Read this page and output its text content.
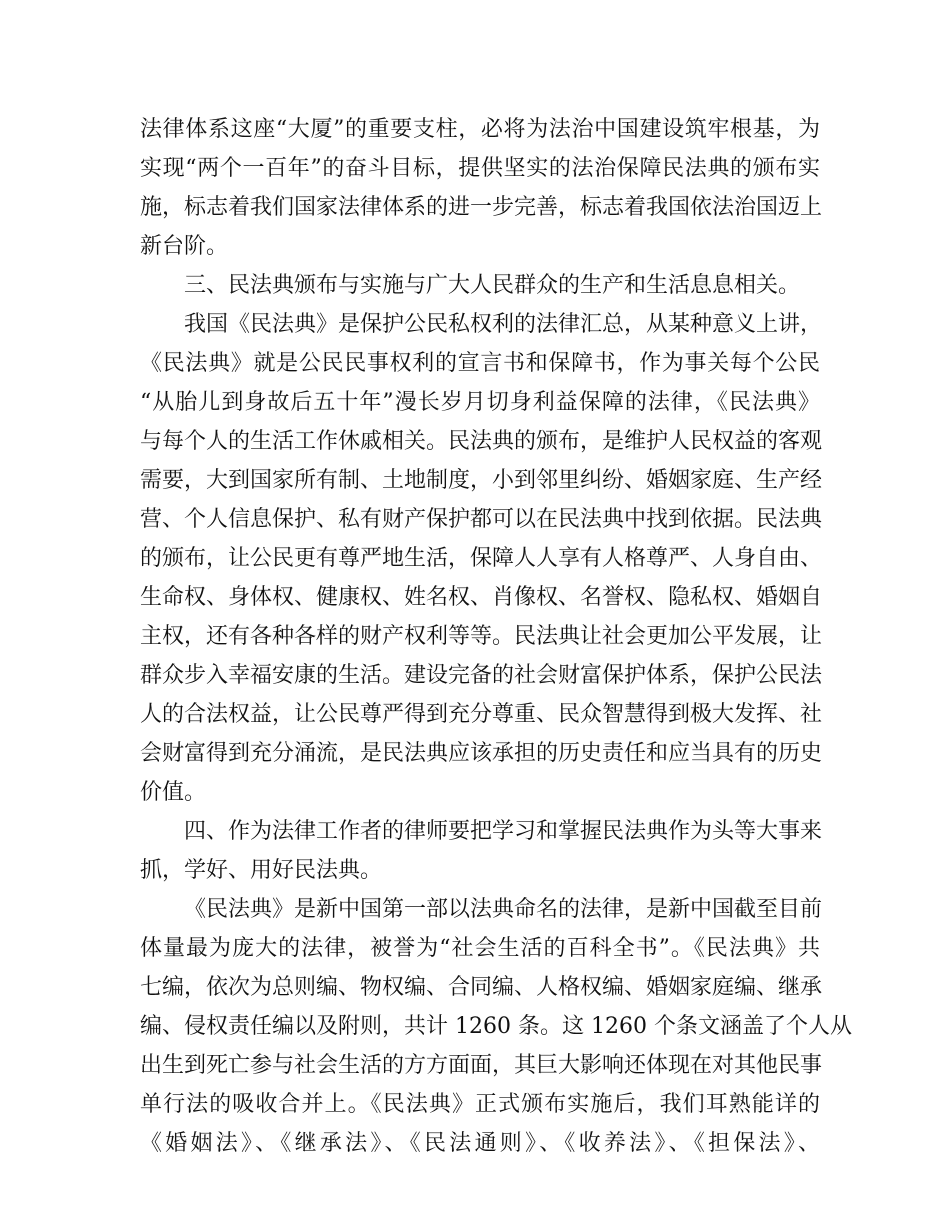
法律体系这座“大厦”的重要支柱，必将为法治中国建设筑牢根基，为
实现“两个一百年”的奋斗目标，提供坚实的法治保障民法典的颁布实
施，标志着我们国家法律体系的进一步完善，标志着我国依法治国迈上
新台阶。
三、民法典颁布与实施与广大人民群众的生产和生活息息相关。
我国《民法典》是保护公民私权利的法律汇总，从某种意义上讲，
《民法典》就是公民民事权利的宣言书和保障书，作为事关每个公民
“从胎儿到身故后五十年”漫长岁月切身利益保障的法律，《民法典》
与每个人的生活工作休戚相关。民法典的颁布，是维护人民权益的客观
需要，大到国家所有制、土地制度，小到邻里纠纷、婚姻家庭、生产经
营、个人信息保护、私有财产保护都可以在民法典中找到依据。民法典
的颁布，让公民更有尊严地生活，保障人人享有人格尊严、人身自由、
生命权、身体权、健康权、姓名权、肖像权、名誉权、隐私权、婚姻自
主权，还有各种各样的财产权利等等。民法典让社会更加公平发展，让
群众步入幸福安康的生活。建设完备的社会财富保护体系，保护公民法
人的合法权益，让公民尊严得到充分尊重、民众智慧得到极大发挥、社
会财富得到充分涌流，是民法典应该承担的历史责任和应当具有的历史
价值。
四、作为法律工作者的律师要把学习和掌握民法典作为头等大事来
抓，学好、用好民法典。
《民法典》是新中国第一部以法典命名的法律，是新中国截至目前
体量最为庞大的法律，被誉为“社会生活的百科全书”。《民法典》共
七编，依次为总则编、物权编、合同编、人格权编、婚姻家庭编、继承
编、侵权责任编以及附则，共计 1260 条。这 1260 个条文涵盖了个人从
出生到死亡参与社会生活的方方面面，其巨大影响还体现在对其他民事
单行法的吸收合并上。《民法典》正式颁布实施后，我们耳熟能详的
《婚姻法》、《继承法》、《民法通则》、《收养法》、《担保法》、
